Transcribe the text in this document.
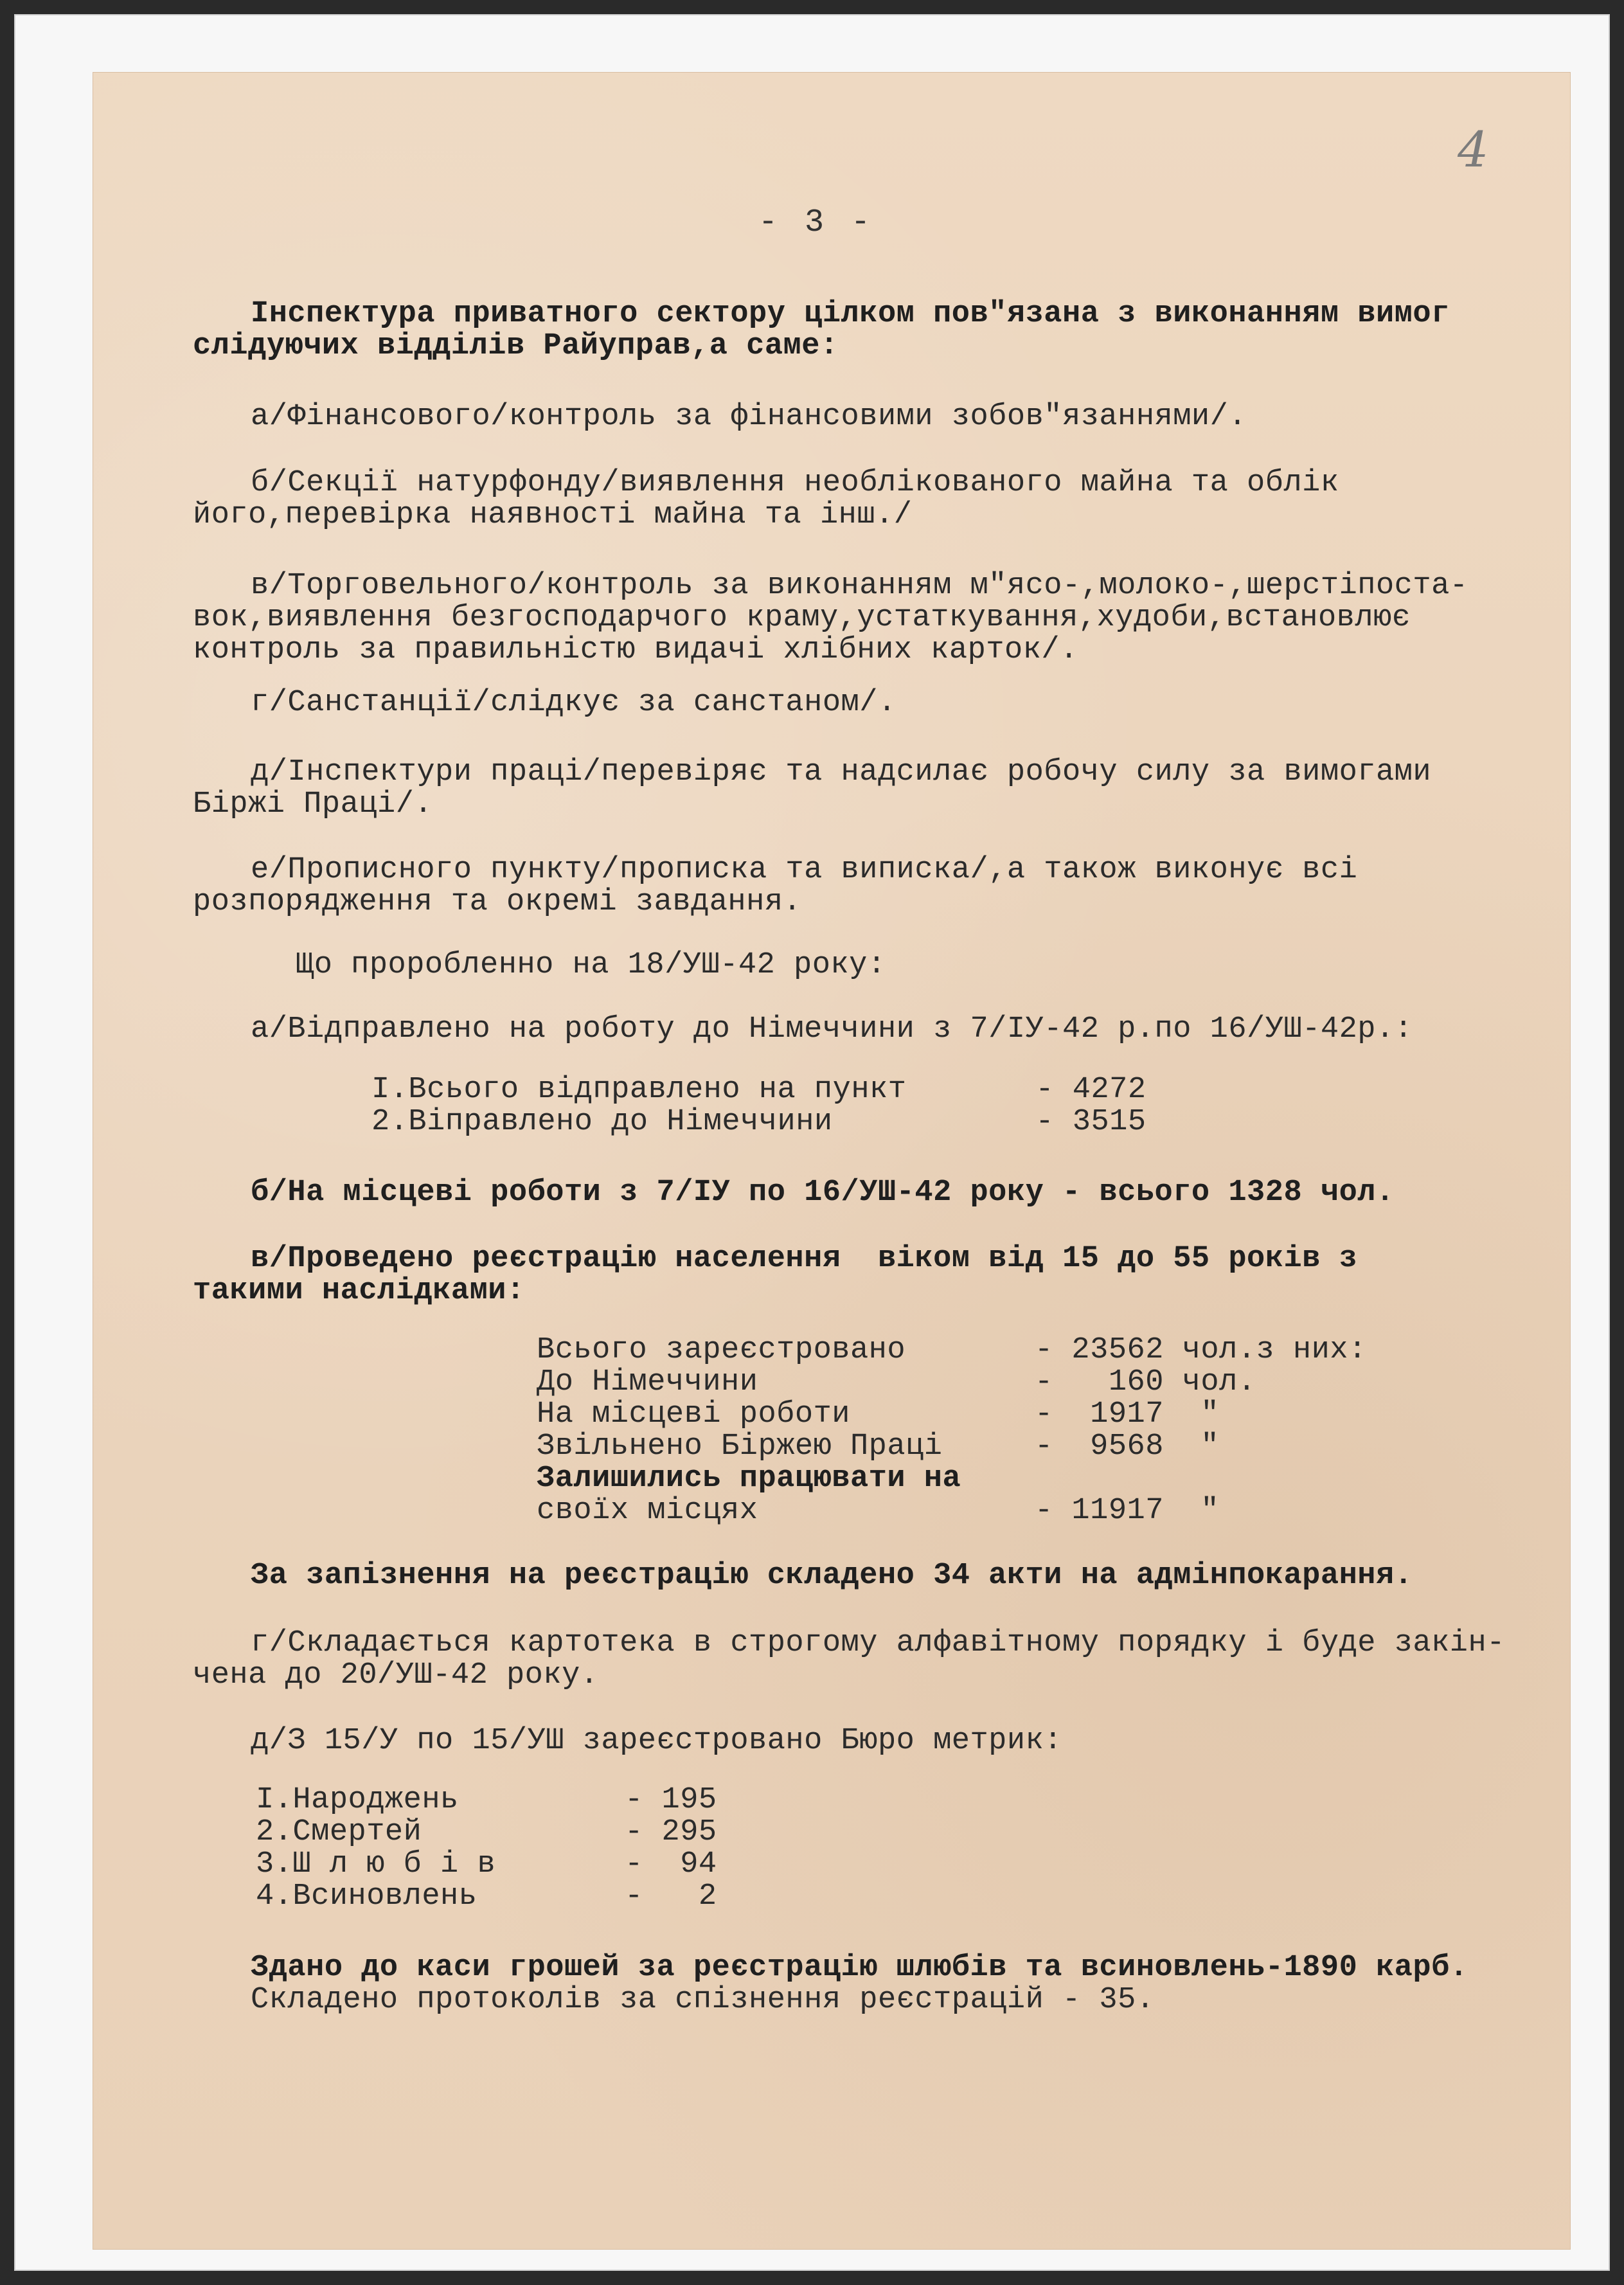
- 3 -
4
Інспектура приватного сектору цілком пов"язана з виконанням вимог
слідуючих відділів Райуправ,а саме:
а/Фінансового/контроль за фінансовими зобов"язаннями/.
б/Секції натурфонду/виявлення необлікованого майна та облік
його,перевірка наявності майна та інш./
в/Торговельного/контроль за виконанням м"ясо-,молоко-,шерстіпоста-
вок,виявлення безгосподарчого краму,устаткування,худоби,встановлює
контроль за правильністю видачі хлібних карток/.
г/Санстанції/слідкує за санстаном/.
д/Інспектури праці/перевіряє та надсилає робочу силу за вимогами
Біржі Праці/.
е/Прописного пункту/прописка та виписка/,а також виконує всі
розпорядження та окремі завдання.
Що проробленно на 18/УШ-42 року:
а/Відправлено на роботу до Німеччини з 7/ІУ-42 р.по 16/УШ-42р.:
І.Всього відправлено на пункт       - 4272
2.Віправлено до Німеччини           - 3515
б/На місцеві роботи з 7/ІУ по 16/УШ-42 року - всього 1328 чол.
в/Проведено реєстрацію населення  віком від 15 до 55 років з
такими наслідками:
Всього зареєстровано       - 23562 чол.з них:
До Німеччини               -   160 чол.
На місцеві роботи          -  1917  "
Звільнено Біржею Праці     -  9568  "
Залишились працювати на
своїх місцях               - 11917  "
За запізнення на реєстрацію складено 34 акти на адмінпокарання.
г/Складається картотека в строгому алфавітному порядку і буде закін-
чена до 20/УШ-42 року.
д/З 15/У по 15/УШ зареєстровано Бюро метрик:
І.Народжень         - 195
2.Смертей           - 295
3.Ш л ю б і в       -  94
4.Всиновлень        -   2
Здано до каси грошей за реєстрацію шлюбів та всиновлень-1890 карб.
Складено протоколів за спізнення реєстрацій - 35.
